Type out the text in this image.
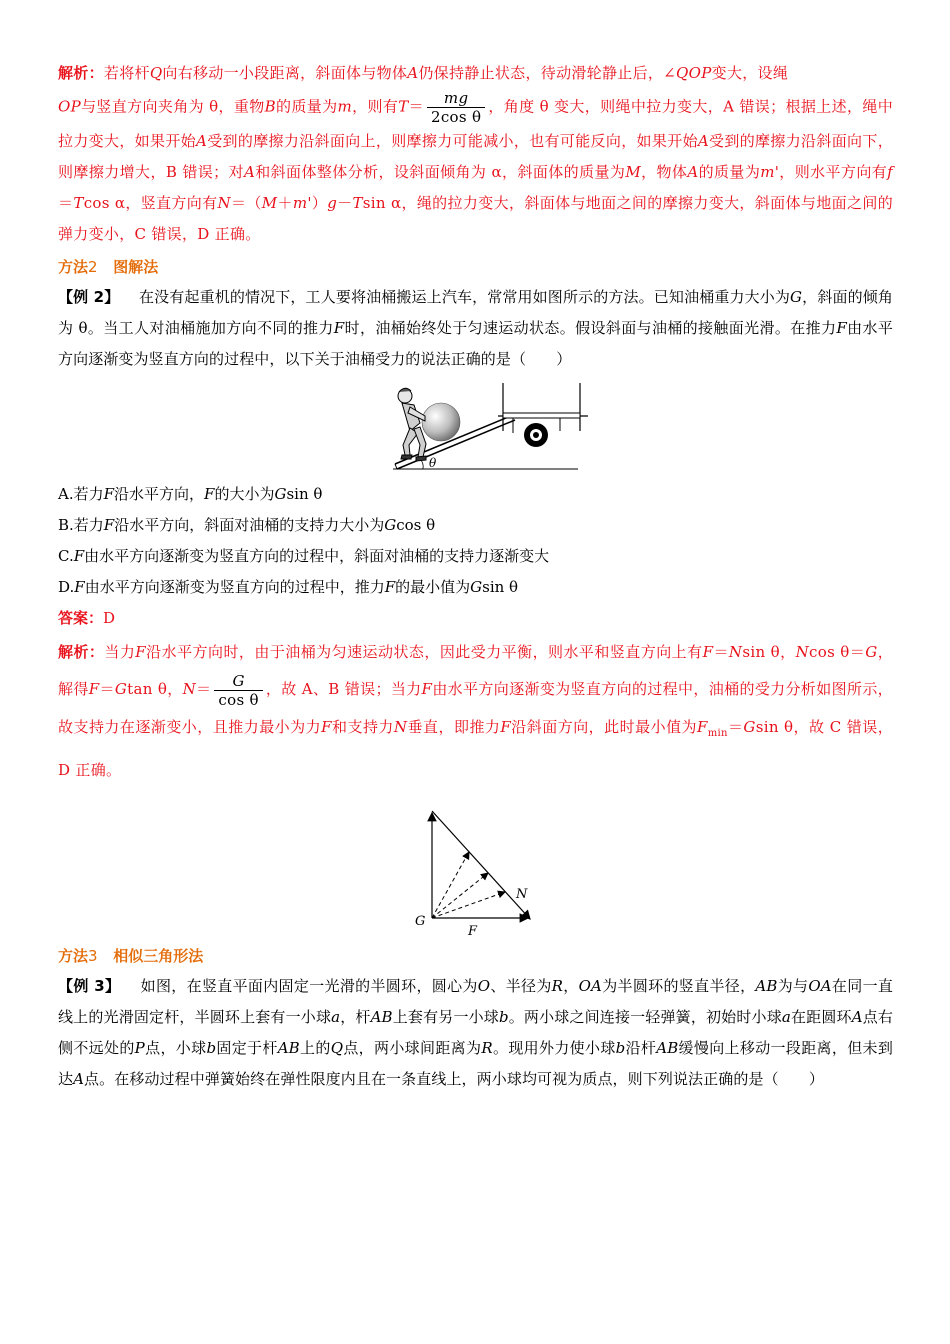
解析：若将杆Q向右移动一小段距离，斜面体与物体A仍保持静止状态，待动滑轮静止后，∠QOP变大，设绳
OP与竖直方向夹角为 θ，重物B的质量为m，则有$T= \frac{mg}{\text{2cos θ}}$ ，角度 θ 变大，则绳中拉力变大，A 错误；根据上述，绳中拉力变大，如果开始A受到的摩擦力沿斜面向上，则摩擦力可能减小，也有可能反向，如果开始A受到的摩擦力沿斜面向下，则摩擦力增大，B 错误；对A和斜面体整体分析，设斜面倾角为 α，斜面体的质量为M，物体A的质量为m'，则水平方向有f＝Tcos α，竖直方向有N＝（M＋m'）g－Tsin α，绳的拉力变大，斜面体与地面之间的摩擦力变大，斜面体与地面之间的弹力变小，C 错误，D 正确。
方法2 图解法
【例 2】 在没有起重机的情况下，工人要将油桶搬运上汽车，常常用如图所示的方法。已知油桶重力大小为G，斜面的倾角为 θ。当工人对油桶施加方向不同的推力F时，油桶始终处于匀速运动状态。假设斜面与油桶的接触面光滑。在推力F由水平方向逐渐变为竖直方向的过程中，以下关于油桶受力的说法正确的是（　　）
θ
A.若力F沿水平方向，F的大小为Gsin θ
B.若力F沿水平方向，斜面对油桶的支持力大小为Gcos θ
C.F由水平方向逐渐变为竖直方向的过程中，斜面对油桶的支持力逐渐变大
D.F由水平方向逐渐变为竖直方向的过程中，推力F的最小值为Gsin θ
答案：D
解析：当力F沿水平方向时，由于油桶为匀速运动状态，因此受力平衡，则水平和竖直方向上有F＝Nsin θ，Ncos θ＝G，解得F＝Gtan θ，$N= \frac{G}{\text{cos θ}}$ ，故 A、B 错误；当力F由水平方向逐渐变为竖直方向的过程中，油桶的受力分析如图所示，故支持力在逐渐变小，且推力最小为力F和支持力N垂直，即推力F沿斜面方向，此时最小值为$F_{min}=Gsin$ θ，故 C 错误，D 正确。
G
N
F
方法3 相似三角形法
【例 3】 如图，在竖直平面内固定一光滑的半圆环，圆心为O、半径为R，OA为半圆环的竖直半径，AB为与OA在同一直线上的光滑固定杆，半圆环上套有一小球a，杆AB上套有另一小球b。两小球之间连接一轻弹簧，初始时小球a在距圆环A点右侧不远处的P点，小球b固定于杆AB上的Q点，两小球间距离为R。现用外力使小球b沿杆AB缓慢向上移动一段距离，但未到达A点。在移动过程中弹簧始终在弹性限度内且在一条直线上，两小球均可视为质点，则下列说法正确的是（　　）
